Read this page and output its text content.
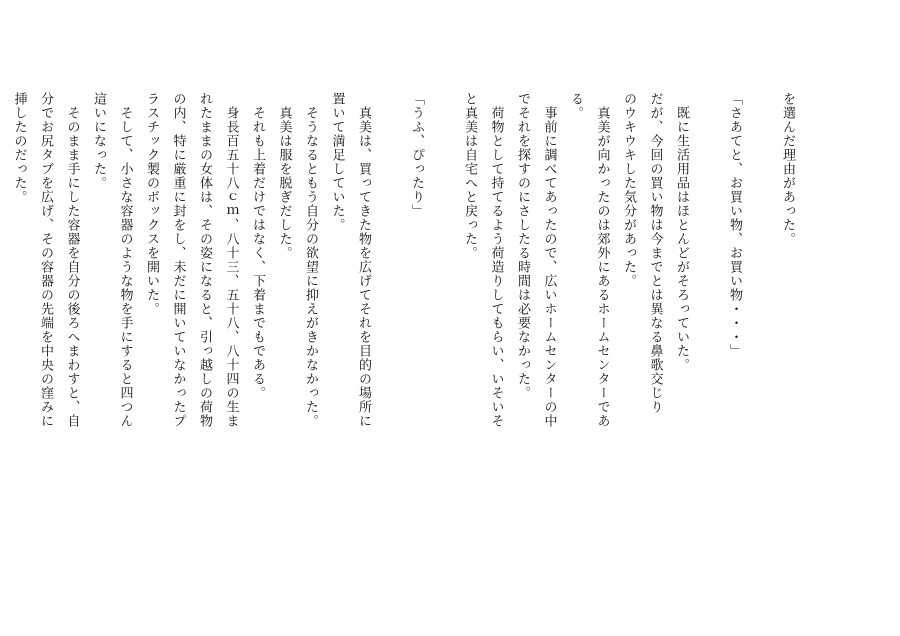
を選んだ理由があった。

「さあてと、お買い物、お買い物・・・」

　既に生活用品はほとんどがそろっていた。
だが、今回の買い物は今までとは異なる鼻歌交じり
のウキウキした気分があった。
　真美が向かったのは郊外にあるホームセンターであ
る。
　事前に調べてあったので、広いホームセンターの中
でそれを探すのにさしたる時間は必要なかった。
　荷物として持てるよう荷造りしてもらい、いそいそ
と真美は自宅へと戻った。

「うふ、ぴったり」

　真美は、買ってきた物を広げてそれを目的の場所に
置いて満足していた。
　そうなるともう自分の欲望に抑えがきかなかった。
　真美は服を脱ぎだした。
　それも上着だけではなく、下着までもである。
　身長百五十八ｃｍ、八十三、五十八、八十四の生ま
れたままの女体は、その姿になると、引っ越しの荷物
の内、特に厳重に封をし、未だに開いていなかったプ
ラスチック製のボックスを開いた。
　そして、小さな容器のような物を手にすると四つん
這いになった。
　そのまま手にした容器を自分の後ろへまわすと、自
分でお尻タブを広げ、その容器の先端を中央の窪みに
挿したのだった。
